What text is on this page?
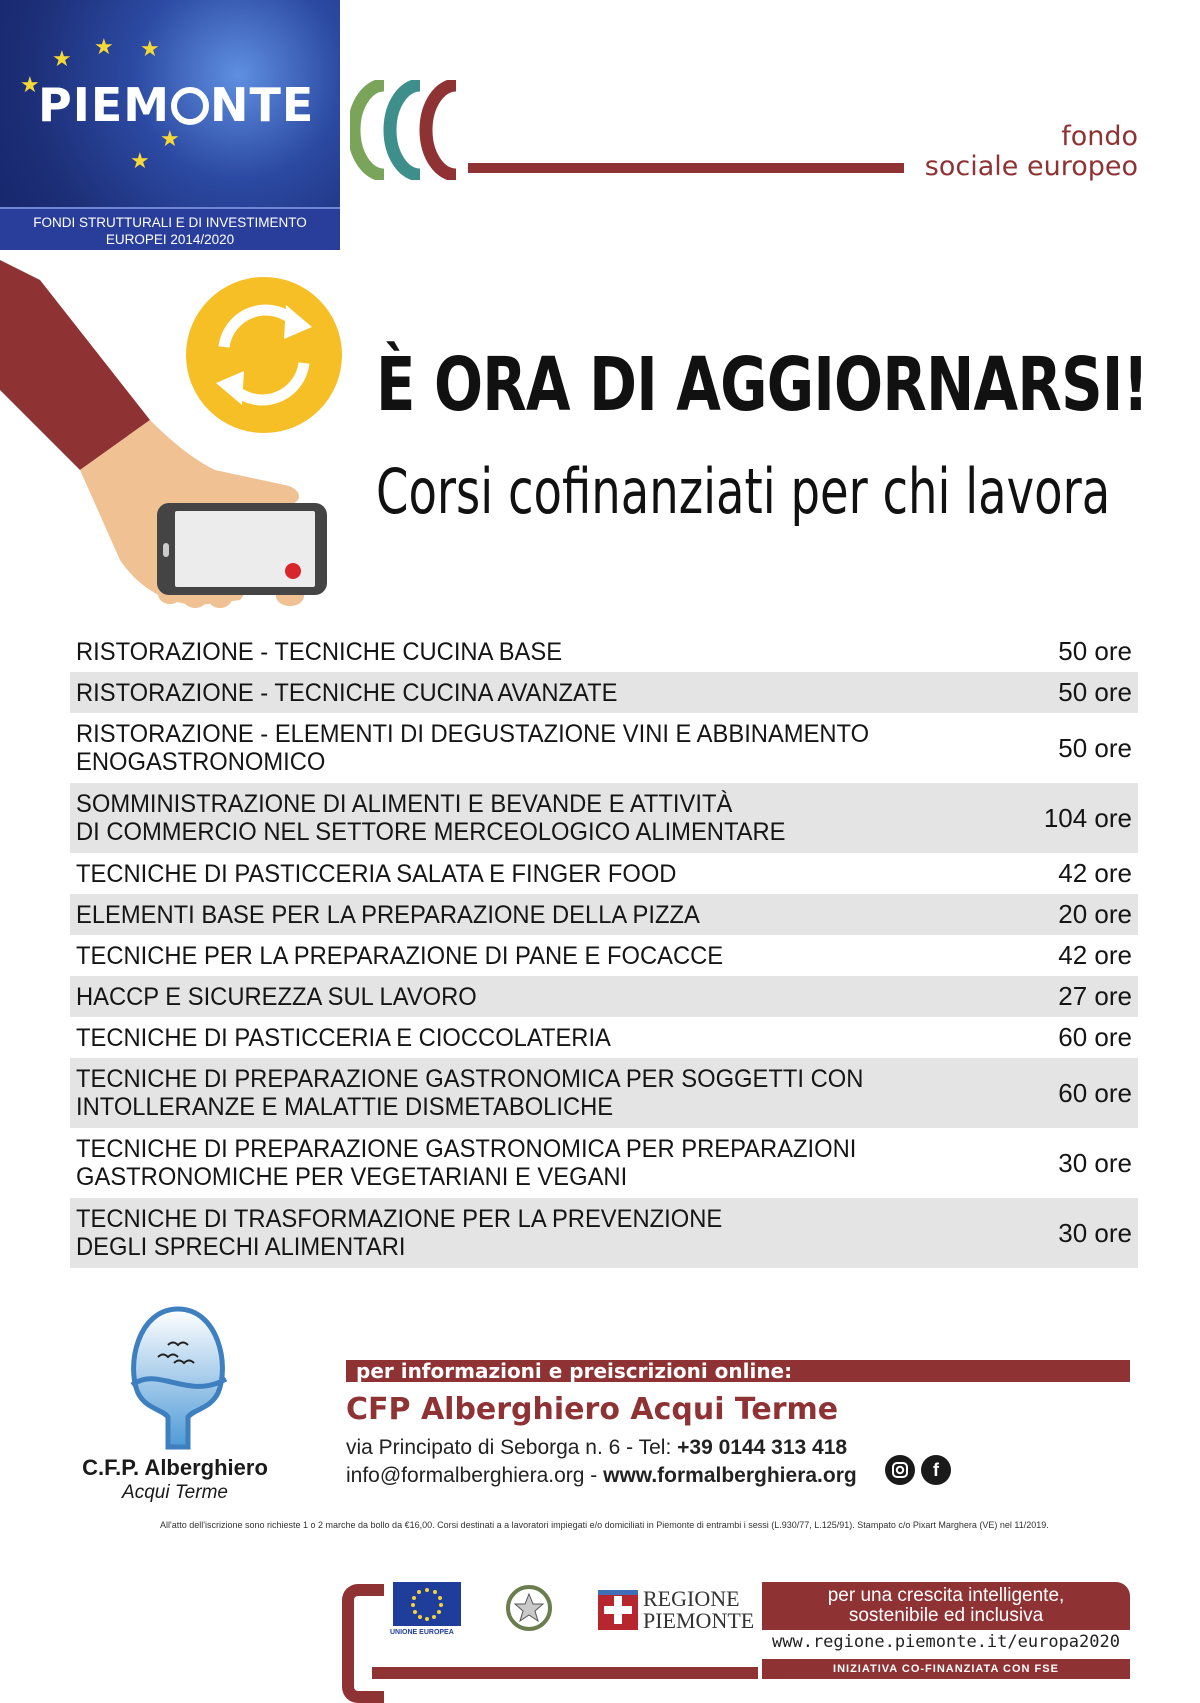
★ ★ ★
★
★
★
PIEM NTE
FONDI STRUTTURALI E DI INVESTIMENTO
EUROPEI 2014/2020
fondo
sociale europeo
È ORA DI AGGIORNARSI!
Corsi cofinanziati per chi lavora
RISTORAZIONE - TECNICHE CUCINA BASE	50 ore
RISTORAZIONE - TECNICHE CUCINA AVANZATE	50 ore
RISTORAZIONE - ELEMENTI DI DEGUSTAZIONE VINI E ABBINAMENTO
ENOGASTRONOMICO	50 ore
SOMMINISTRAZIONE DI ALIMENTI E BEVANDE E ATTIVITÀ
DI COMMERCIO NEL SETTORE MERCEOLOGICO ALIMENTARE	104 ore
TECNICHE DI PASTICCERIA SALATA E FINGER FOOD	42 ore
ELEMENTI BASE PER LA PREPARAZIONE DELLA PIZZA	20 ore
TECNICHE PER LA PREPARAZIONE DI PANE E FOCACCE	42 ore
HACCP E SICUREZZA SUL LAVORO	27 ore
TECNICHE DI PASTICCERIA E CIOCCOLATERIA	60 ore
TECNICHE DI PREPARAZIONE GASTRONOMICA PER SOGGETTI CON
INTOLLERANZE E MALATTIE DISMETABOLICHE	60 ore
TECNICHE DI PREPARAZIONE GASTRONOMICA PER PREPARAZIONI
GASTRONOMICHE PER VEGETARIANI E VEGANI	30 ore
TECNICHE DI TRASFORMAZIONE PER LA PREVENZIONE
DEGLI SPRECHI ALIMENTARI	30 ore
C.F.P. Alberghiero
Acqui Terme
per informazioni e preiscrizioni online:
CFP Alberghiero Acqui Terme
via Principato di Seborga n. 6 - Tel: +39 0144 313 418
info@formalberghiera.org - www.formalberghiera.org	f
All'atto dell'iscrizione sono richieste 1 o 2 marche da bollo da €16,00. Corsi destinati a a lavoratori impiegati e/o domiciliati in Piemonte di entrambi i sessi (L.930/77, L.125/91). Stampato c/o Pixart Marghera (VE) nel 11/2019.
UNIONE EUROPEA
REGIONE
PIEMONTE
per una crescita intelligente,
sostenibile ed inclusiva
www.regione.piemonte.it/europa2020
INIZIATIVA CO-FINANZIATA CON FSE
